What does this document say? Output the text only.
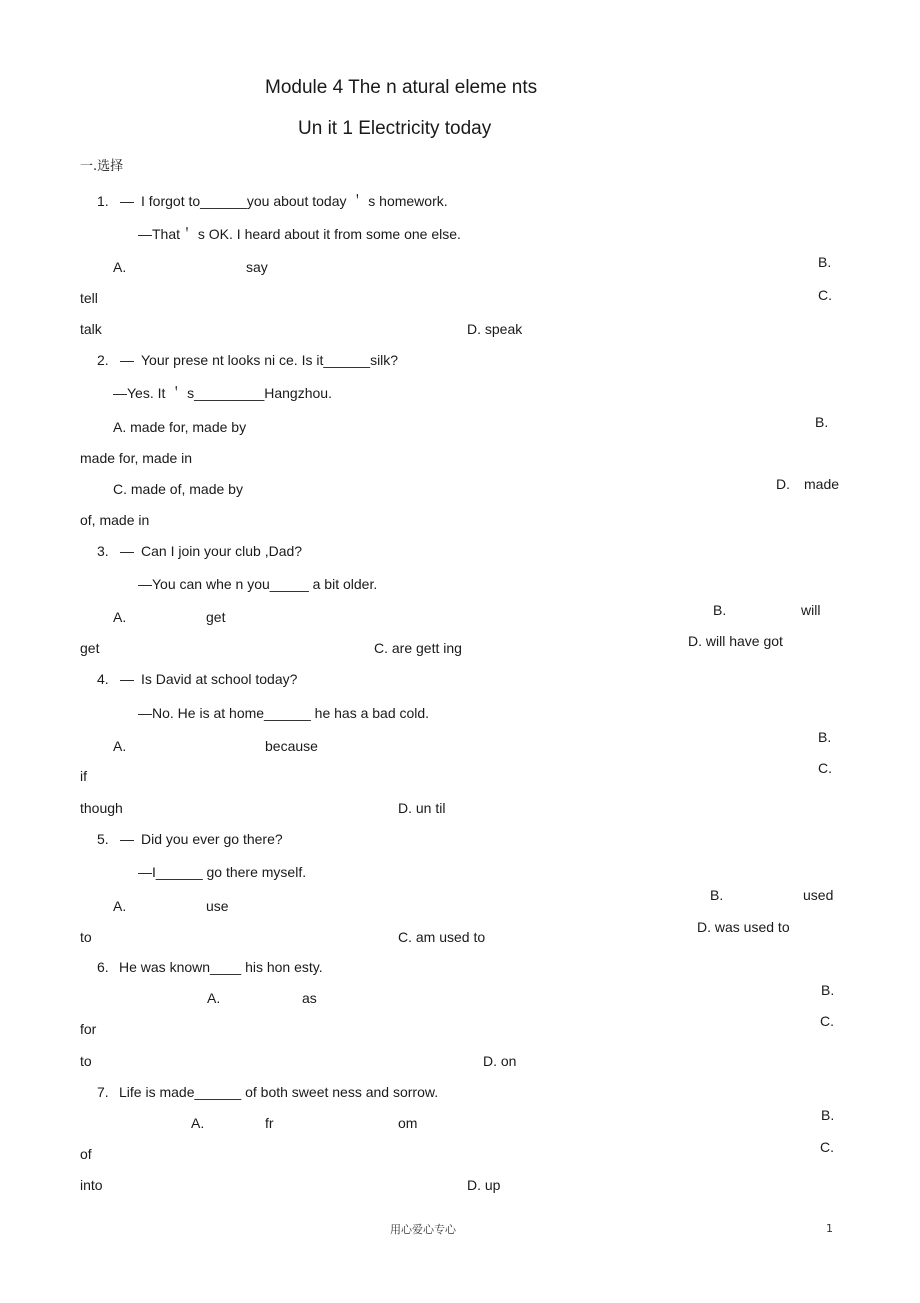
Module 4 The n atural eleme nts
Un it 1 Electricity today
一.选择
1. — I forgot to______you about today ＇ s homework.
—That＇ s OK. I heard about it from some one else.
A.	say	B.
tell	C.
talk	D. speak
2. — Your prese nt looks ni ce. Is it______silk?
—Yes. It ＇ s_________Hangzhou.
A. made for, made by	B.
made for, made in
C. made of, made by	D. made
of, made in
3. — Can I join your club ,Dad?
—You can whe n you_____ a bit older.
A.	get	B.	will
get	C. are gett ing	D. will have got
4. — Is David at school today?
—No. He is at home______ he has a bad cold.
A.	because
B.
if	C.
though	D. un til
5. — Did you ever go there?
—I______ go there myself.
A.	use
B.	used
to	C. am used to
D. was used to
6. He was known____ his hon esty.
A.	as	B.
for	C.
to	D. on
7. Life is made______ of both sweet ness and sorrow.
A.	fr	om	B.
of	C.
into	D. up
用心爱心专心	1
